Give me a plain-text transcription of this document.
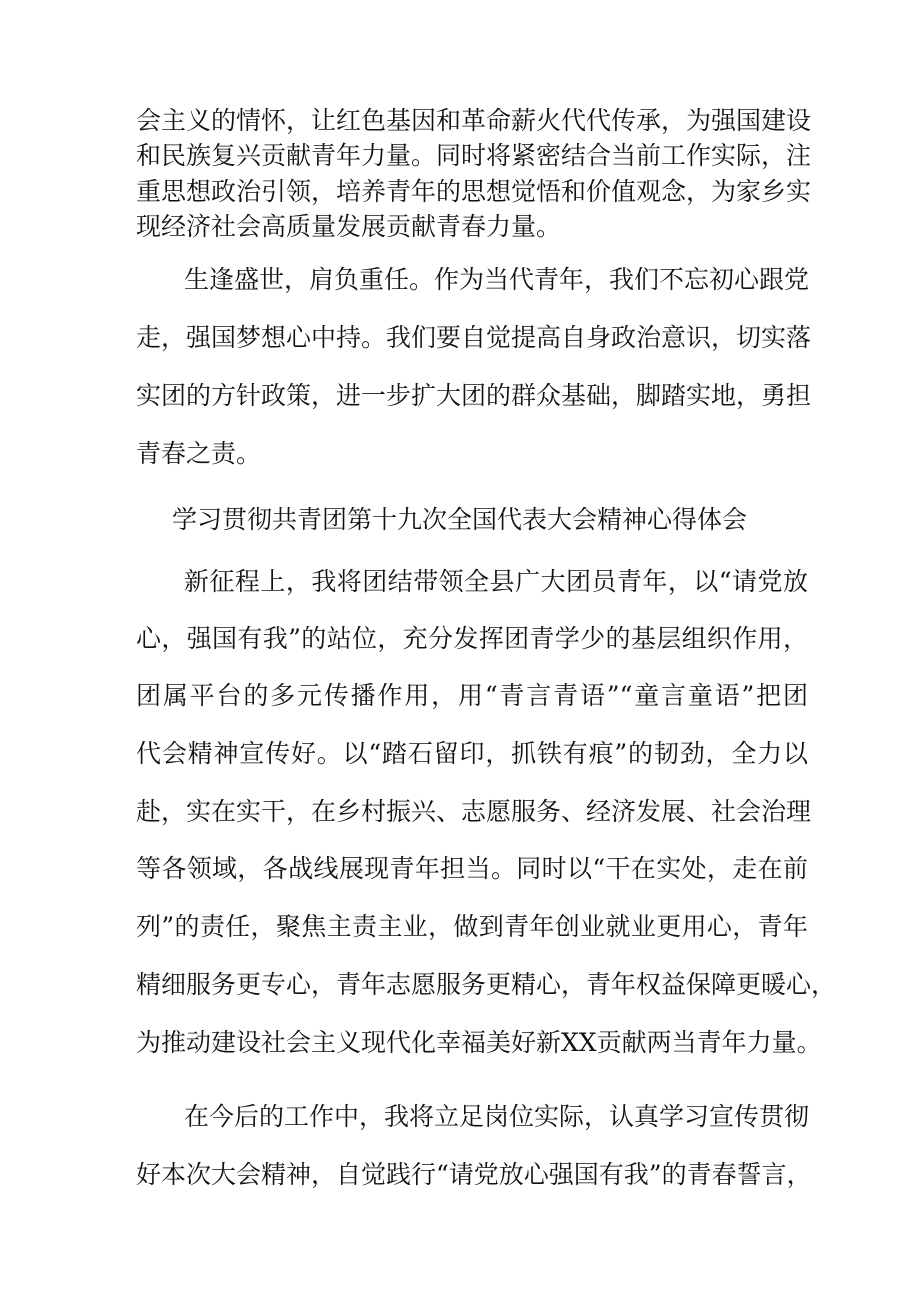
会主义的情怀，让红色基因和革命薪火代代传承，为强国建设

和民族复兴贡献青年力量。同时将紧密结合当前工作实际，注

重思想政治引领，培养青年的思想觉悟和价值观念，为家乡实

现经济社会高质量发展贡献青春力量。

生逢盛世，肩负重任。作为当代青年，我们不忘初心跟党

走，强国梦想心中持。我们要自觉提高自身政治意识，切实落

实团的方针政策，进一步扩大团的群众基础，脚踏实地，勇担

青春之责。

学习贯彻共青团第十九次全国代表大会精神心得体会

新征程上，我将团结带领全县广大团员青年，以“请党放

心，强国有我”的站位，充分发挥团青学少的基层组织作用，

团属平台的多元传播作用，用“青言青语”“童言童语”把团

代会精神宣传好。以“踏石留印，抓铁有痕”的韧劲，全力以

赴，实在实干，在乡村振兴、志愿服务、经济发展、社会治理

等各领域，各战线展现青年担当。同时以“干在实处，走在前

列”的责任，聚焦主责主业，做到青年创业就业更用心，青年

精细服务更专心，青年志愿服务更精心，青年权益保障更暖心，

为推动建设社会主义现代化幸福美好新XX贡献两当青年力量。

在今后的工作中，我将立足岗位实际，认真学习宣传贯彻

好本次大会精神，自觉践行“请党放心强国有我”的青春誓言，
